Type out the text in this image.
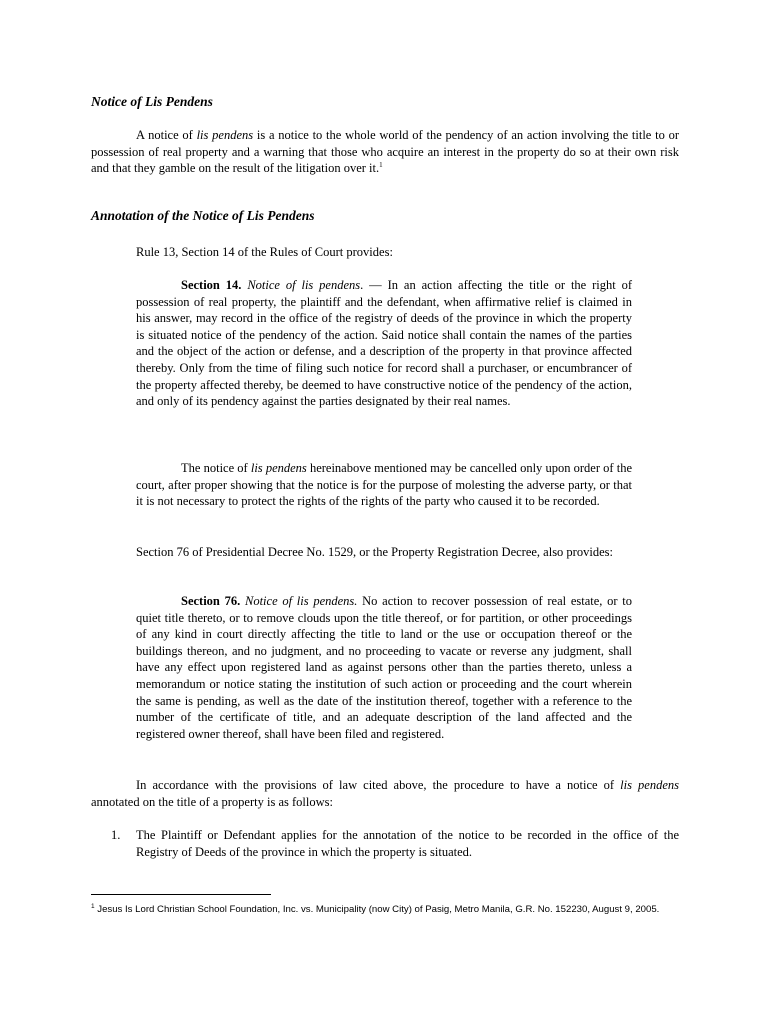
Notice of Lis Pendens
A notice of lis pendens is a notice to the whole world of the pendency of an action involving the title to or possession of real property and a warning that those who acquire an interest in the property do so at their own risk and that they gamble on the result of the litigation over it.$^1$
Annotation of the Notice of Lis Pendens
Rule 13, Section 14 of the Rules of Court provides:
Section 14. Notice of lis pendens. — In an action affecting the title or the right of possession of real property, the plaintiff and the defendant, when affirmative relief is claimed in his answer, may record in the office of the registry of deeds of the province in which the property is situated notice of the pendency of the action. Said notice shall contain the names of the parties and the object of the action or defense, and a description of the property in that province affected thereby. Only from the time of filing such notice for record shall a purchaser, or encumbrancer of the property affected thereby, be deemed to have constructive notice of the pendency of the action, and only of its pendency against the parties designated by their real names.
The notice of lis pendens hereinabove mentioned may be cancelled only upon order of the court, after proper showing that the notice is for the purpose of molesting the adverse party, or that it is not necessary to protect the rights of the rights of the party who caused it to be recorded.
Section 76 of Presidential Decree No. 1529, or the Property Registration Decree, also provides:
Section 76. Notice of lis pendens. No action to recover possession of real estate, or to quiet title thereto, or to remove clouds upon the title thereof, or for partition, or other proceedings of any kind in court directly affecting the title to land or the use or occupation thereof or the buildings thereon, and no judgment, and no proceeding to vacate or reverse any judgment, shall have any effect upon registered land as against persons other than the parties thereto, unless a memorandum or notice stating the institution of such action or proceeding and the court wherein the same is pending, as well as the date of the institution thereof, together with a reference to the number of the certificate of title, and an adequate description of the land affected and the registered owner thereof, shall have been filed and registered.
In accordance with the provisions of law cited above, the procedure to have a notice of lis pendens annotated on the title of a property is as follows:
1. The Plaintiff or Defendant applies for the annotation of the notice to be recorded in the office of the Registry of Deeds of the province in which the property is situated.
$^1$ Jesus Is Lord Christian School Foundation, Inc. vs. Municipality (now City) of Pasig, Metro Manila, G.R. No. 152230, August 9, 2005.
